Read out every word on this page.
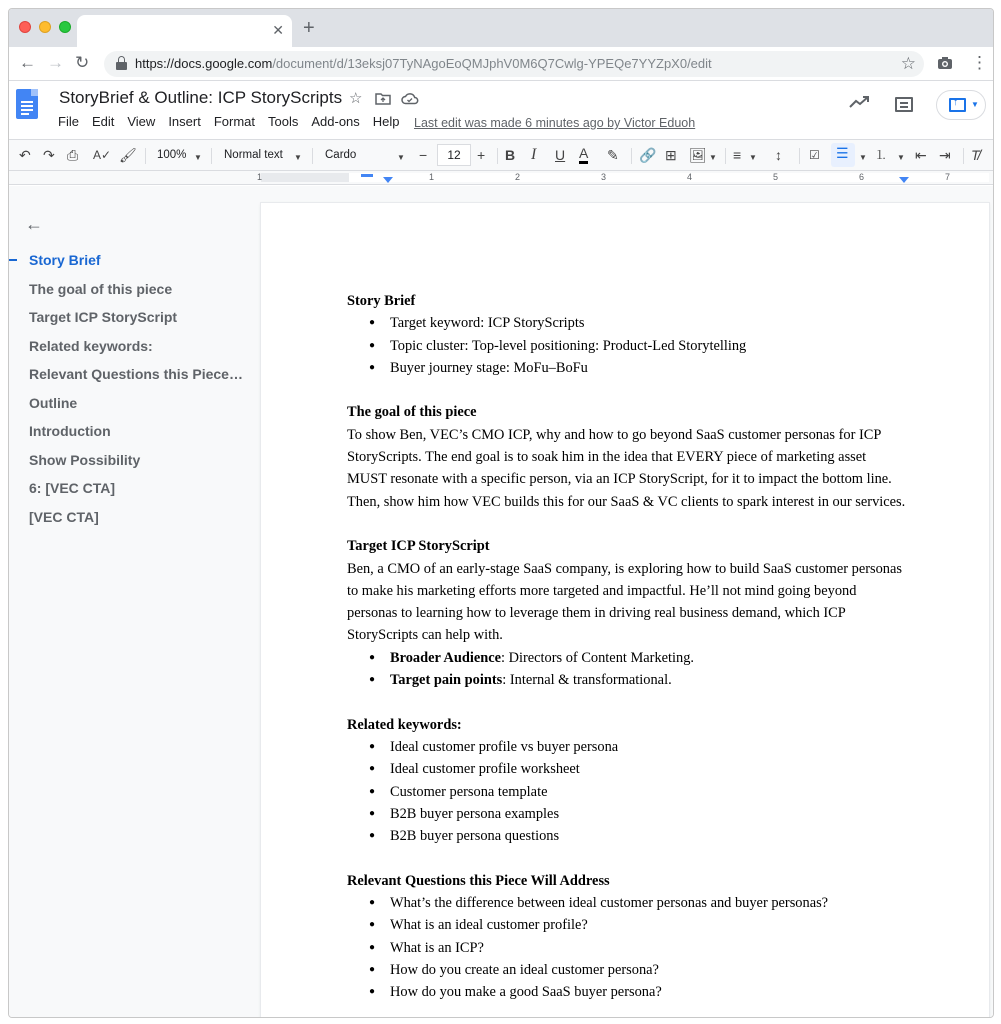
✕ +
← → ↻	https://docs.google.com/document/d/13eksj07TyNAgoEoQMJphV0M6Q7Cwlg-YPEQe7YYZpX0/edit	☆	⋮
StoryBrief & Outline: ICP StoryScripts ☆
File Edit View Insert Format Tools Add-ons Help Last edit was made 6 minutes ago by Victor Eduoh
↑
▼
↶ ↷ ⎙ A✓ 🖌 100% ▼ Normal text ▼ Cardo	▼ −	12	+ B I U A ✎ 🔗 ⊞ 🖼 ▼ ≡ ▼ ↕ ☑ ☰ ▼ ⒈ ▼ ⇤ ⇥ T̸
1	1	2	3	4	5	6	7
←
Story Brief
The goal of this piece
Target ICP StoryScript
Related keywords:
Relevant Questions this Piece…
Outline
Introduction
Show Possibility
6: [VEC CTA]
[VEC CTA]
Story Brief
● Target keyword: ICP StoryScripts
● Topic cluster: Top-level positioning: Product-Led Storytelling
● Buyer journey stage: MoFu–BoFu
The goal of this piece

To show Ben, VEC’s CMO ICP, why and how to go beyond SaaS customer personas for ICP StoryScripts. The end goal is to soak him in the idea that EVERY piece of marketing asset MUST resonate with a specific person, via an ICP StoryScript, for it to impact the bottom line. Then, show him how VEC builds this for our SaaS & VC clients to spark interest in our services.

Target ICP StoryScript

Ben, a CMO of an early-stage SaaS company, is exploring how to build SaaS customer personas to make his marketing efforts more targeted and impactful. He’ll not mind going beyond personas to learning how to leverage them in driving real business demand, which ICP StoryScripts can help with.

● Broader Audience: Directors of Content Marketing.
● Target pain points: Internal & transformational.
Related keywords:
● Ideal customer profile vs buyer persona
● Ideal customer profile worksheet
● Customer persona template
● B2B buyer persona examples
● B2B buyer persona questions
Relevant Questions this Piece Will Address
● What’s the difference between ideal customer personas and buyer personas?
● What is an ideal customer profile?
● What is an ICP?
● How do you create an ideal customer persona?
● How do you make a good SaaS buyer persona?
